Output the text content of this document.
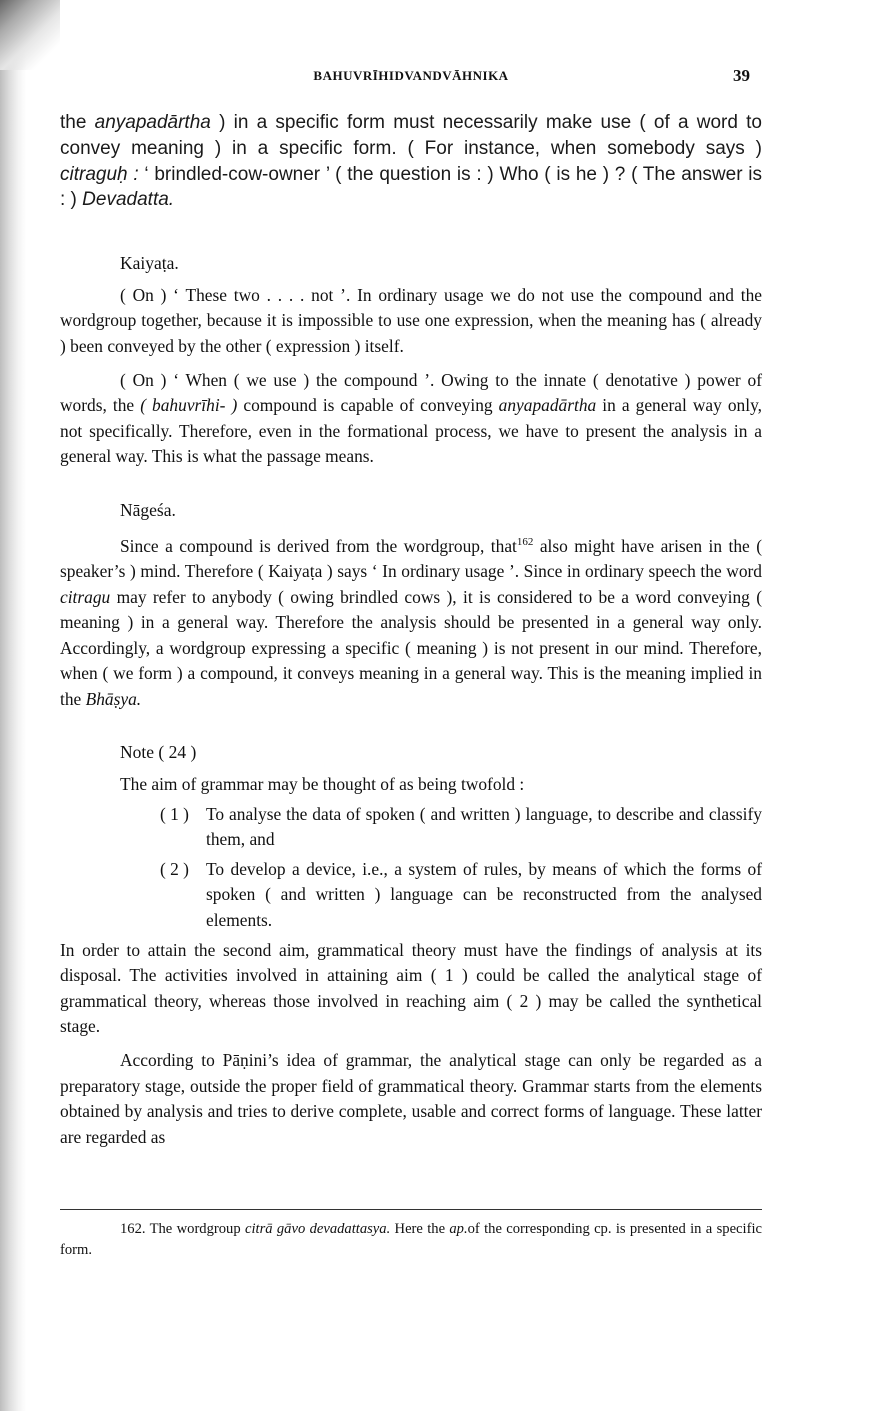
BAHUVRĪHIDVANDVĀHNIKA	39

the anyapadārtha ) in a specific form must necessarily make use ( of a word to convey meaning ) in a specific form. ( For instance, when somebody says ) citraguḥ : ‘ brindled-cow-owner ’ ( the question is : ) Who ( is he ) ? ( The answer is : ) Devadatta.

Kaiyaṭa.

( On ) ‘ These two . . . . not ’. In ordinary usage we do not use the compound and the wordgroup together, because it is impossible to use one expression, when the meaning has ( already ) been conveyed by the other ( expression ) itself.

( On ) ‘ When ( we use ) the compound ’. Owing to the innate ( denotative ) power of words, the ( bahuvrīhi- ) compound is capable of conveying anyapadārtha in a general way only, not specifically. Therefore, even in the formational process, we have to present the analysis in a general way. This is what the passage means.

Nāgeśa.

Since a compound is derived from the wordgroup, that$^{162}$ also might have arisen in the ( speaker’s ) mind. Therefore ( Kaiyaṭa ) says ‘ In ordinary usage ’. Since in ordinary speech the word citragu may refer to anybody ( owing brindled cows ), it is considered to be a word conveying ( meaning ) in a general way. Therefore the analysis should be presented in a general way only. Accordingly, a wordgroup expressing a specific ( meaning ) is not present in our mind. Therefore, when ( we form ) a compound, it conveys meaning in a general way. This is the meaning implied in the Bhāṣya.

Note ( 24 )

The aim of grammar may be thought of as being twofold :

( 1 ) To analyse the data of spoken ( and written ) language, to describe and classify them, and
( 2 ) To develop a device, i.e., a system of rules, by means of which the forms of spoken ( and written ) language can be reconstructed from the analysed elements.

In order to attain the second aim, grammatical theory must have the findings of analysis at its disposal. The activities involved in attaining aim ( 1 ) could be called the analytical stage of grammatical theory, whereas those involved in reaching aim ( 2 ) may be called the synthetical stage.

According to Pāṇini’s idea of grammar, the analytical stage can only be regarded as a preparatory stage, outside the proper field of grammatical theory. Grammar starts from the elements obtained by analysis and tries to derive complete, usable and correct forms of language. These latter are regarded as

162. The wordgroup citrā gāvo devadattasya. Here the ap.of the corresponding cp. is presented in a specific form.
